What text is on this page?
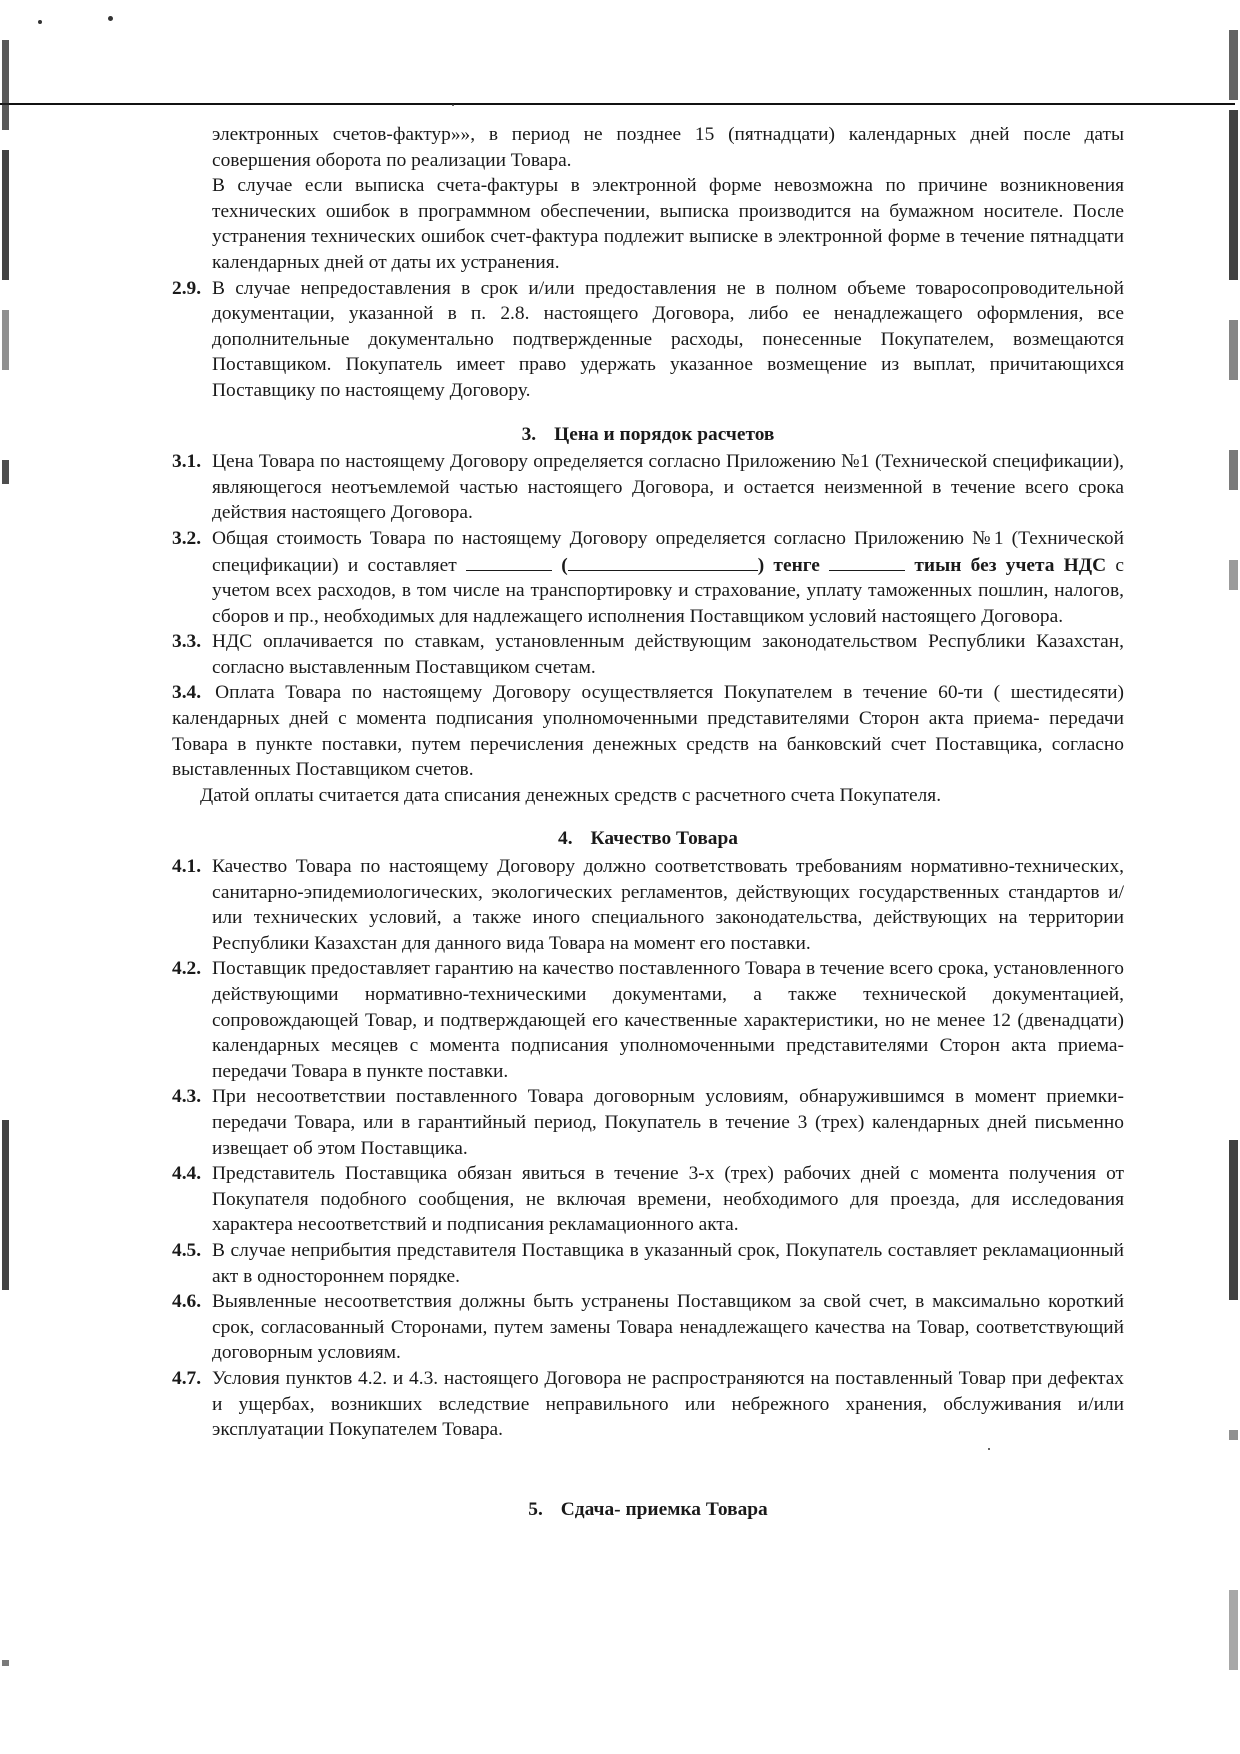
электронных счетов-фактур»», в период не позднее 15 (пятнадцати) календарных дней после даты совершения оборота по реализации Товара.

В случае если выписка счета-фактуры в электронной форме невозможна по причине возникновения технических ошибок в программном обеспечении, выписка производится на бумажном носителе. После устранения технических ошибок счет-фактура подлежит выписке в электронной форме в течение пятнадцати календарных дней от даты их устранения.

2.9. В случае непредоставления в срок и/или предоставления не в полном объеме товаросопроводительной документации, указанной в п. 2.8. настоящего Договора, либо ее ненадлежащего оформления, все дополнительные документально подтвержденные расходы, понесенные Покупателем, возмещаются Поставщиком. Покупатель имеет право удержать указанное возмещение из выплат, причитающихся Поставщику по настоящему Договору.
3. Цена и порядок расчетов
3.1. Цена Товара по настоящему Договору определяется согласно Приложению №1 (Технической спецификации), являющегося неотъемлемой частью настоящего Договора, и остается неизменной в течение всего срока действия настоящего Договора.
3.2. Общая стоимость Товара по настоящему Договору определяется согласно Приложению №1 (Технической спецификации) и составляет	(	) тенге	тиын без учета НДС с учетом всех расходов, в том числе на транспортировку и страхование, уплату таможенных пошлин, налогов, сборов и пр., необходимых для надлежащего исполнения Поставщиком условий настоящего Договора.
3.3. НДС оплачивается по ставкам, установленным действующим законодательством Республики Казахстан, согласно выставленным Поставщиком счетам.

3.4. Оплата Товара по настоящему Договору осуществляется Покупателем в течение 60-ти ( шестидесяти) календарных дней с момента подписания уполномоченными представителями Сторон акта приема- передачи Товара в пункте поставки, путем перечисления денежных средств на банковский счет Поставщика, согласно выставленных Поставщиком счетов.

Датой оплаты считается дата списания денежных средств с расчетного счета Покупателя.

4. Качество Товара
4.1. Качество Товара по настоящему Договору должно соответствовать требованиям нормативно-технических, санитарно-эпидемиологических, экологических регламентов, действующих государственных стандартов и/или технических условий, а также иного специального законодательства, действующих на территории Республики Казахстан для данного вида Товара на момент его поставки.
4.2. Поставщик предоставляет гарантию на качество поставленного Товара в течение всего срока, установленного действующими нормативно-техническими документами, а также технической документацией, сопровождающей Товар, и подтверждающей его качественные характеристики, но не менее 12 (двенадцати) календарных месяцев с момента подписания уполномоченными представителями Сторон акта приема-передачи Товара в пункте поставки.
4.3. При несоответствии поставленного Товара договорным условиям, обнаружившимся в момент приемки-передачи Товара, или в гарантийный период, Покупатель в течение 3 (трех) календарных дней письменно извещает об этом Поставщика.
4.4. Представитель Поставщика обязан явиться в течение 3-х (трех) рабочих дней с момента получения от Покупателя подобного сообщения, не включая времени, необходимого для проезда, для исследования характера несоответствий и подписания рекламационного акта.
4.5. В случае неприбытия представителя Поставщика в указанный срок, Покупатель составляет рекламационный акт в одностороннем порядке.
4.6. Выявленные несоответствия должны быть устранены Поставщиком за свой счет, в максимально короткий срок, согласованный Сторонами, путем замены Товара ненадлежащего качества на Товар, соответствующий договорным условиям.
4.7. Условия пунктов 4.2. и 4.3. настоящего Договора не распространяются на поставленный Товар при дефектах и ущербах, возникших вследствие неправильного или небрежного хранения, обслуживания и/или эксплуатации Покупателем Товара.
5. Сдача- приемка Товара
